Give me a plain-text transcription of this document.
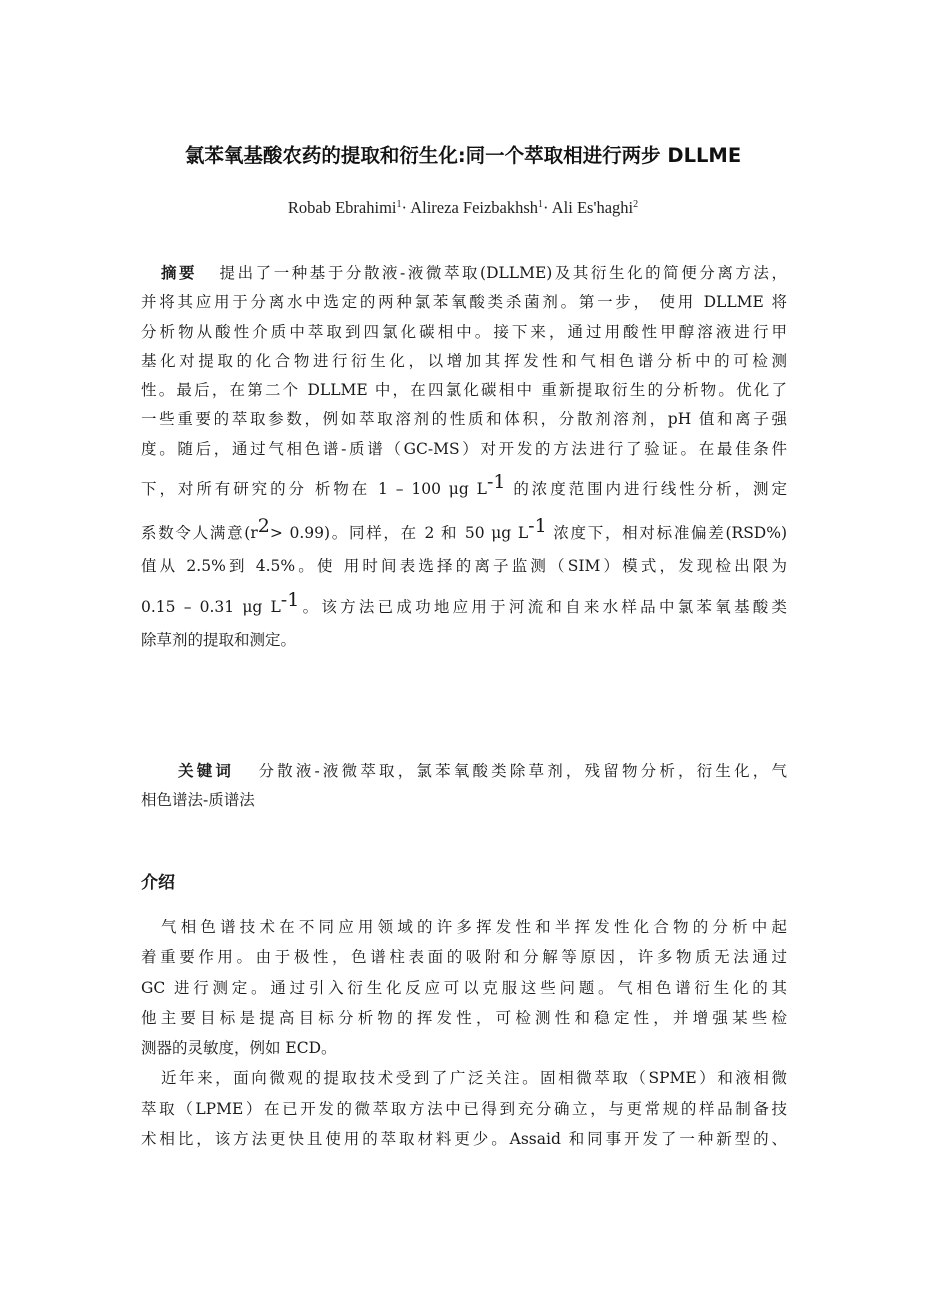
氯苯氧基酸农药的提取和衍生化:同一个萃取相进行两步 DLLME
Robab Ebrahimi$^1$· Alireza Feizbakhsh$^1$· Ali Es'haghi$^2$
摘要 提出了一种基于分散液-液微萃取(DLLME)及其衍生化的简便分离方法，
并将其应用于分离水中选定的两种氯苯氧酸类杀菌剂。第一步， 使用 DLLME 将
分析物从酸性介质中萃取到四氯化碳相中。接下来，通过用酸性甲醇溶液进行甲
基化对提取的化合物进行衍生化，以增加其挥发性和气相色谱分析中的可检测
性。最后，在第二个 DLLME 中，在四氯化碳相中 重新提取衍生的分析物。优化了
一些重要的萃取参数，例如萃取溶剂的性质和体积，分散剂溶剂，pH 值和离子强
度。随后，通过气相色谱-质谱（GC-MS）对开发的方法进行了验证。在最佳条件
下，对所有研究的分 析物在 1 – 100 μg $L^{-1}$ 的浓度范围内进行线性分析，测定
系数令人满意$(r^2> 0.99)$。同样，在 2 和 50 μg $L^{-1}$ 浓度下，相对标准偏差(RSD%)
值从 2.5%到 4.5%。使 用时间表选择的离子监测（SIM）模式，发现检出限为
0.15 – 0.31 μg $L^{-1}$。该方法已成功地应用于河流和自来水样品中氯苯氧基酸类
除草剂的提取和测定。
关键词 分散液-液微萃取，氯苯氧酸类除草剂，残留物分析，衍生化，气
相色谱法-质谱法
介绍
气相色谱技术在不同应用领域的许多挥发性和半挥发性化合物的分析中起
着重要作用。由于极性，色谱柱表面的吸附和分解等原因，许多物质无法通过
GC 进行测定。通过引入衍生化反应可以克服这些问题。气相色谱衍生化的其
他主要目标是提高目标分析物的挥发性，可检测性和稳定性，并增强某些检
测器的灵敏度，例如 ECD。
近年来，面向微观的提取技术受到了广泛关注。固相微萃取（SPME）和液相微
萃取（LPME）在已开发的微萃取方法中已得到充分确立，与更常规的样品制备技
术相比，该方法更快且使用的萃取材料更少。Assaid 和同事开发了一种新型的、
